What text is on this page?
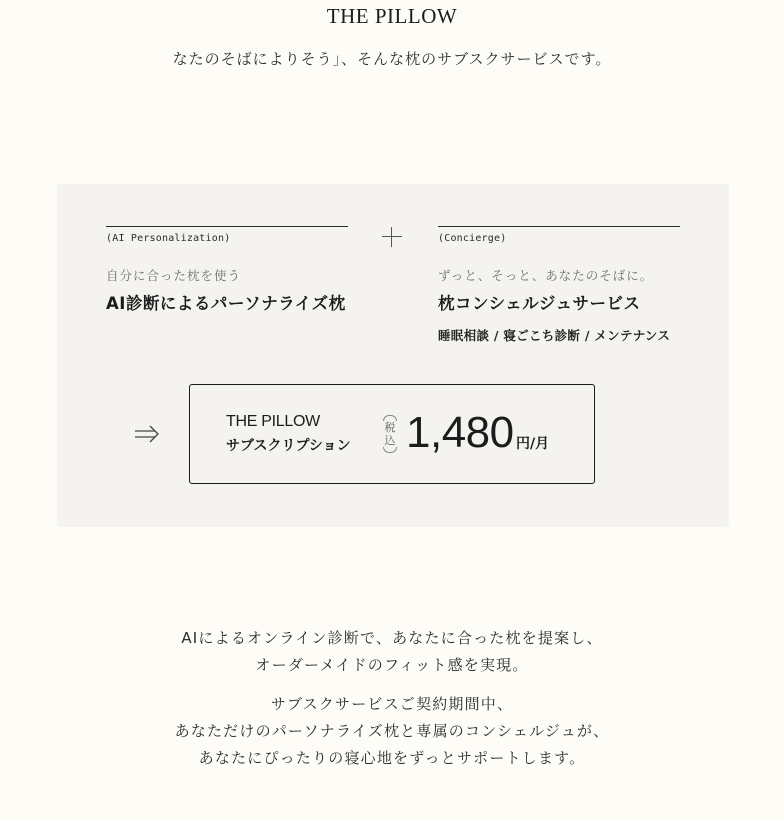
THE PILLOW
なたのそばによりそう」、そんな枕のサブスクサービスです。
(AI Personalization)
自分に合った枕を使う
AI診断によるパーソナライズ枕
(Concierge)
ずっと、そっと、あなたのそばに。
枕コンシェルジュサービス
睡眠相談 / 寝ごこち診断 / メンテナンス
THE PILLOW
サブスクリプション
税
込 1,480 円/月
AIによるオンライン診断で、あなたに合った枕を提案し、
オーダーメイドのフィット感を実現。
サブスクサービスご契約期間中、
あなただけのパーソナライズ枕と専属のコンシェルジュが、
あなたにぴったりの寝心地をずっとサポートします。
